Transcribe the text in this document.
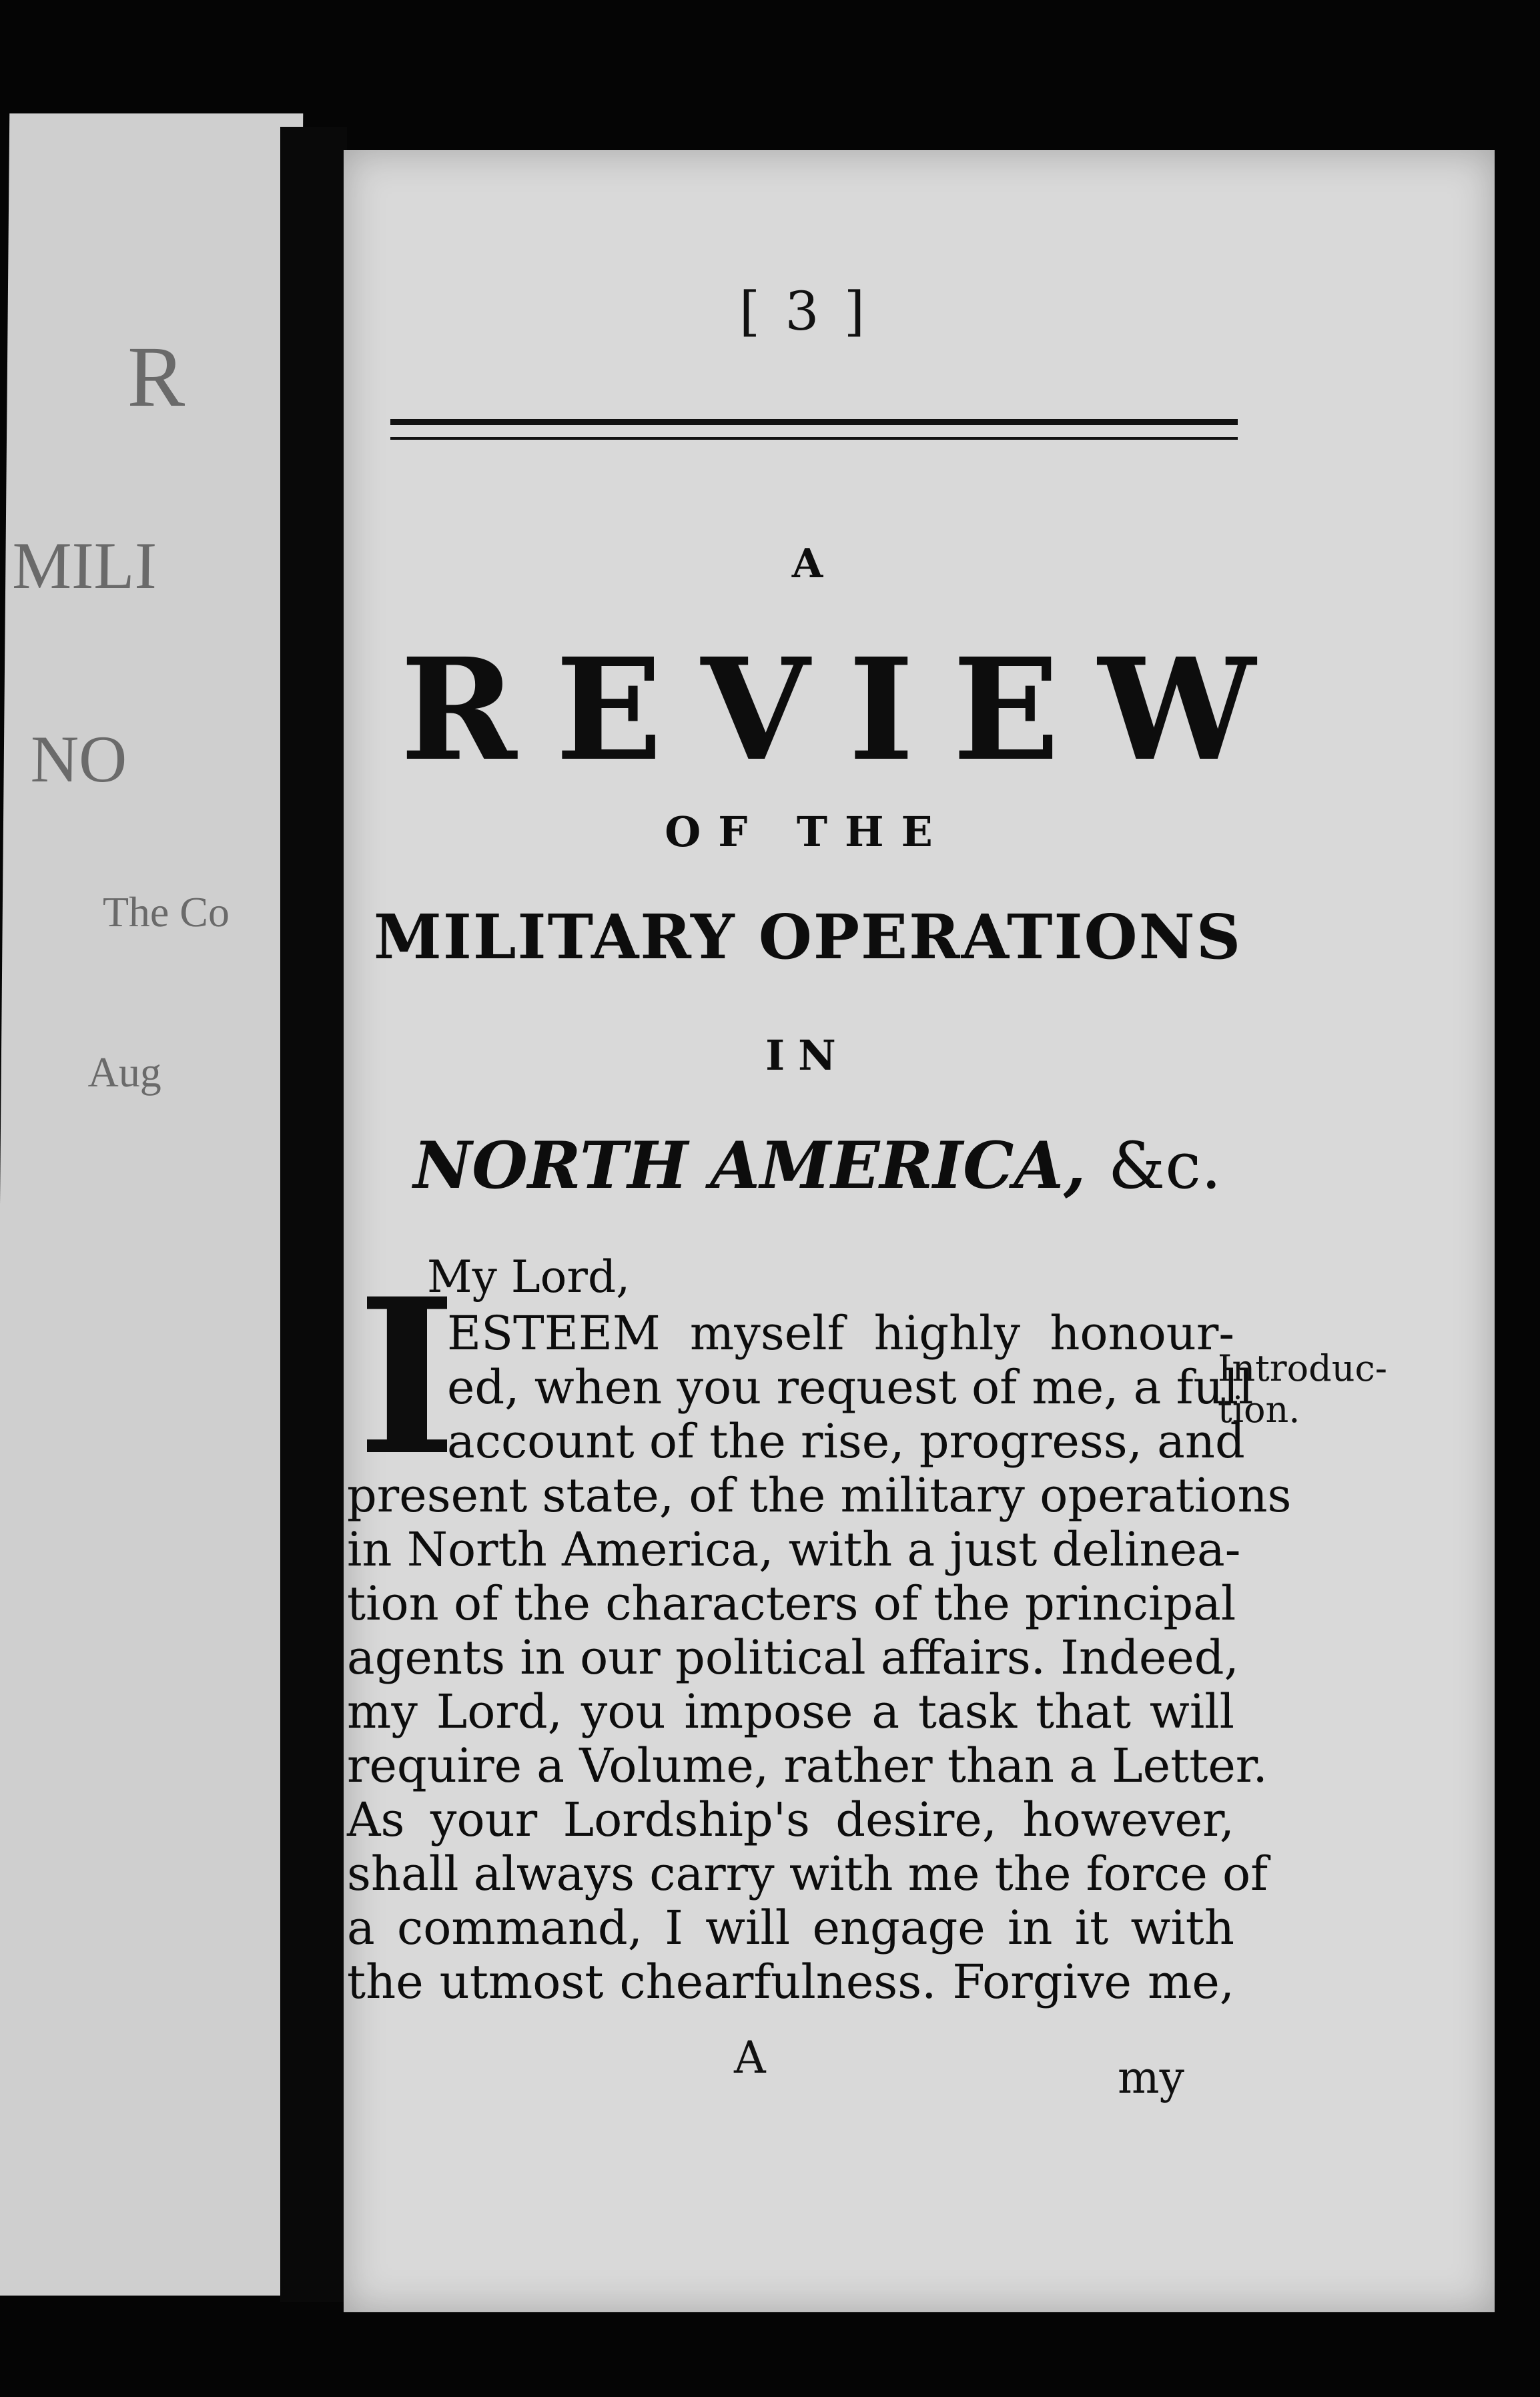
R
MILI
NO
The Co
Aug
[ 3 ]
A
REVIEW
OF THE
MILITARY OPERATIONS
IN
NORTH AMERICA, &c.
My Lord,
I
ESTEEM myself highly honour-
ed, when you request of me, a full
account of the rise, progress, and
present state, of the military operations
in North America, with a just delinea-
tion of the characters of the principal
agents in our political affairs. Indeed,
my Lord, you impose a task that will
require a Volume, rather than a Letter.
As your Lordship's desire, however,
shall always carry with me the force of
a command, I will engage in it with
the utmost chearfulness. Forgive me,
Introduc-
tion.
A	my
